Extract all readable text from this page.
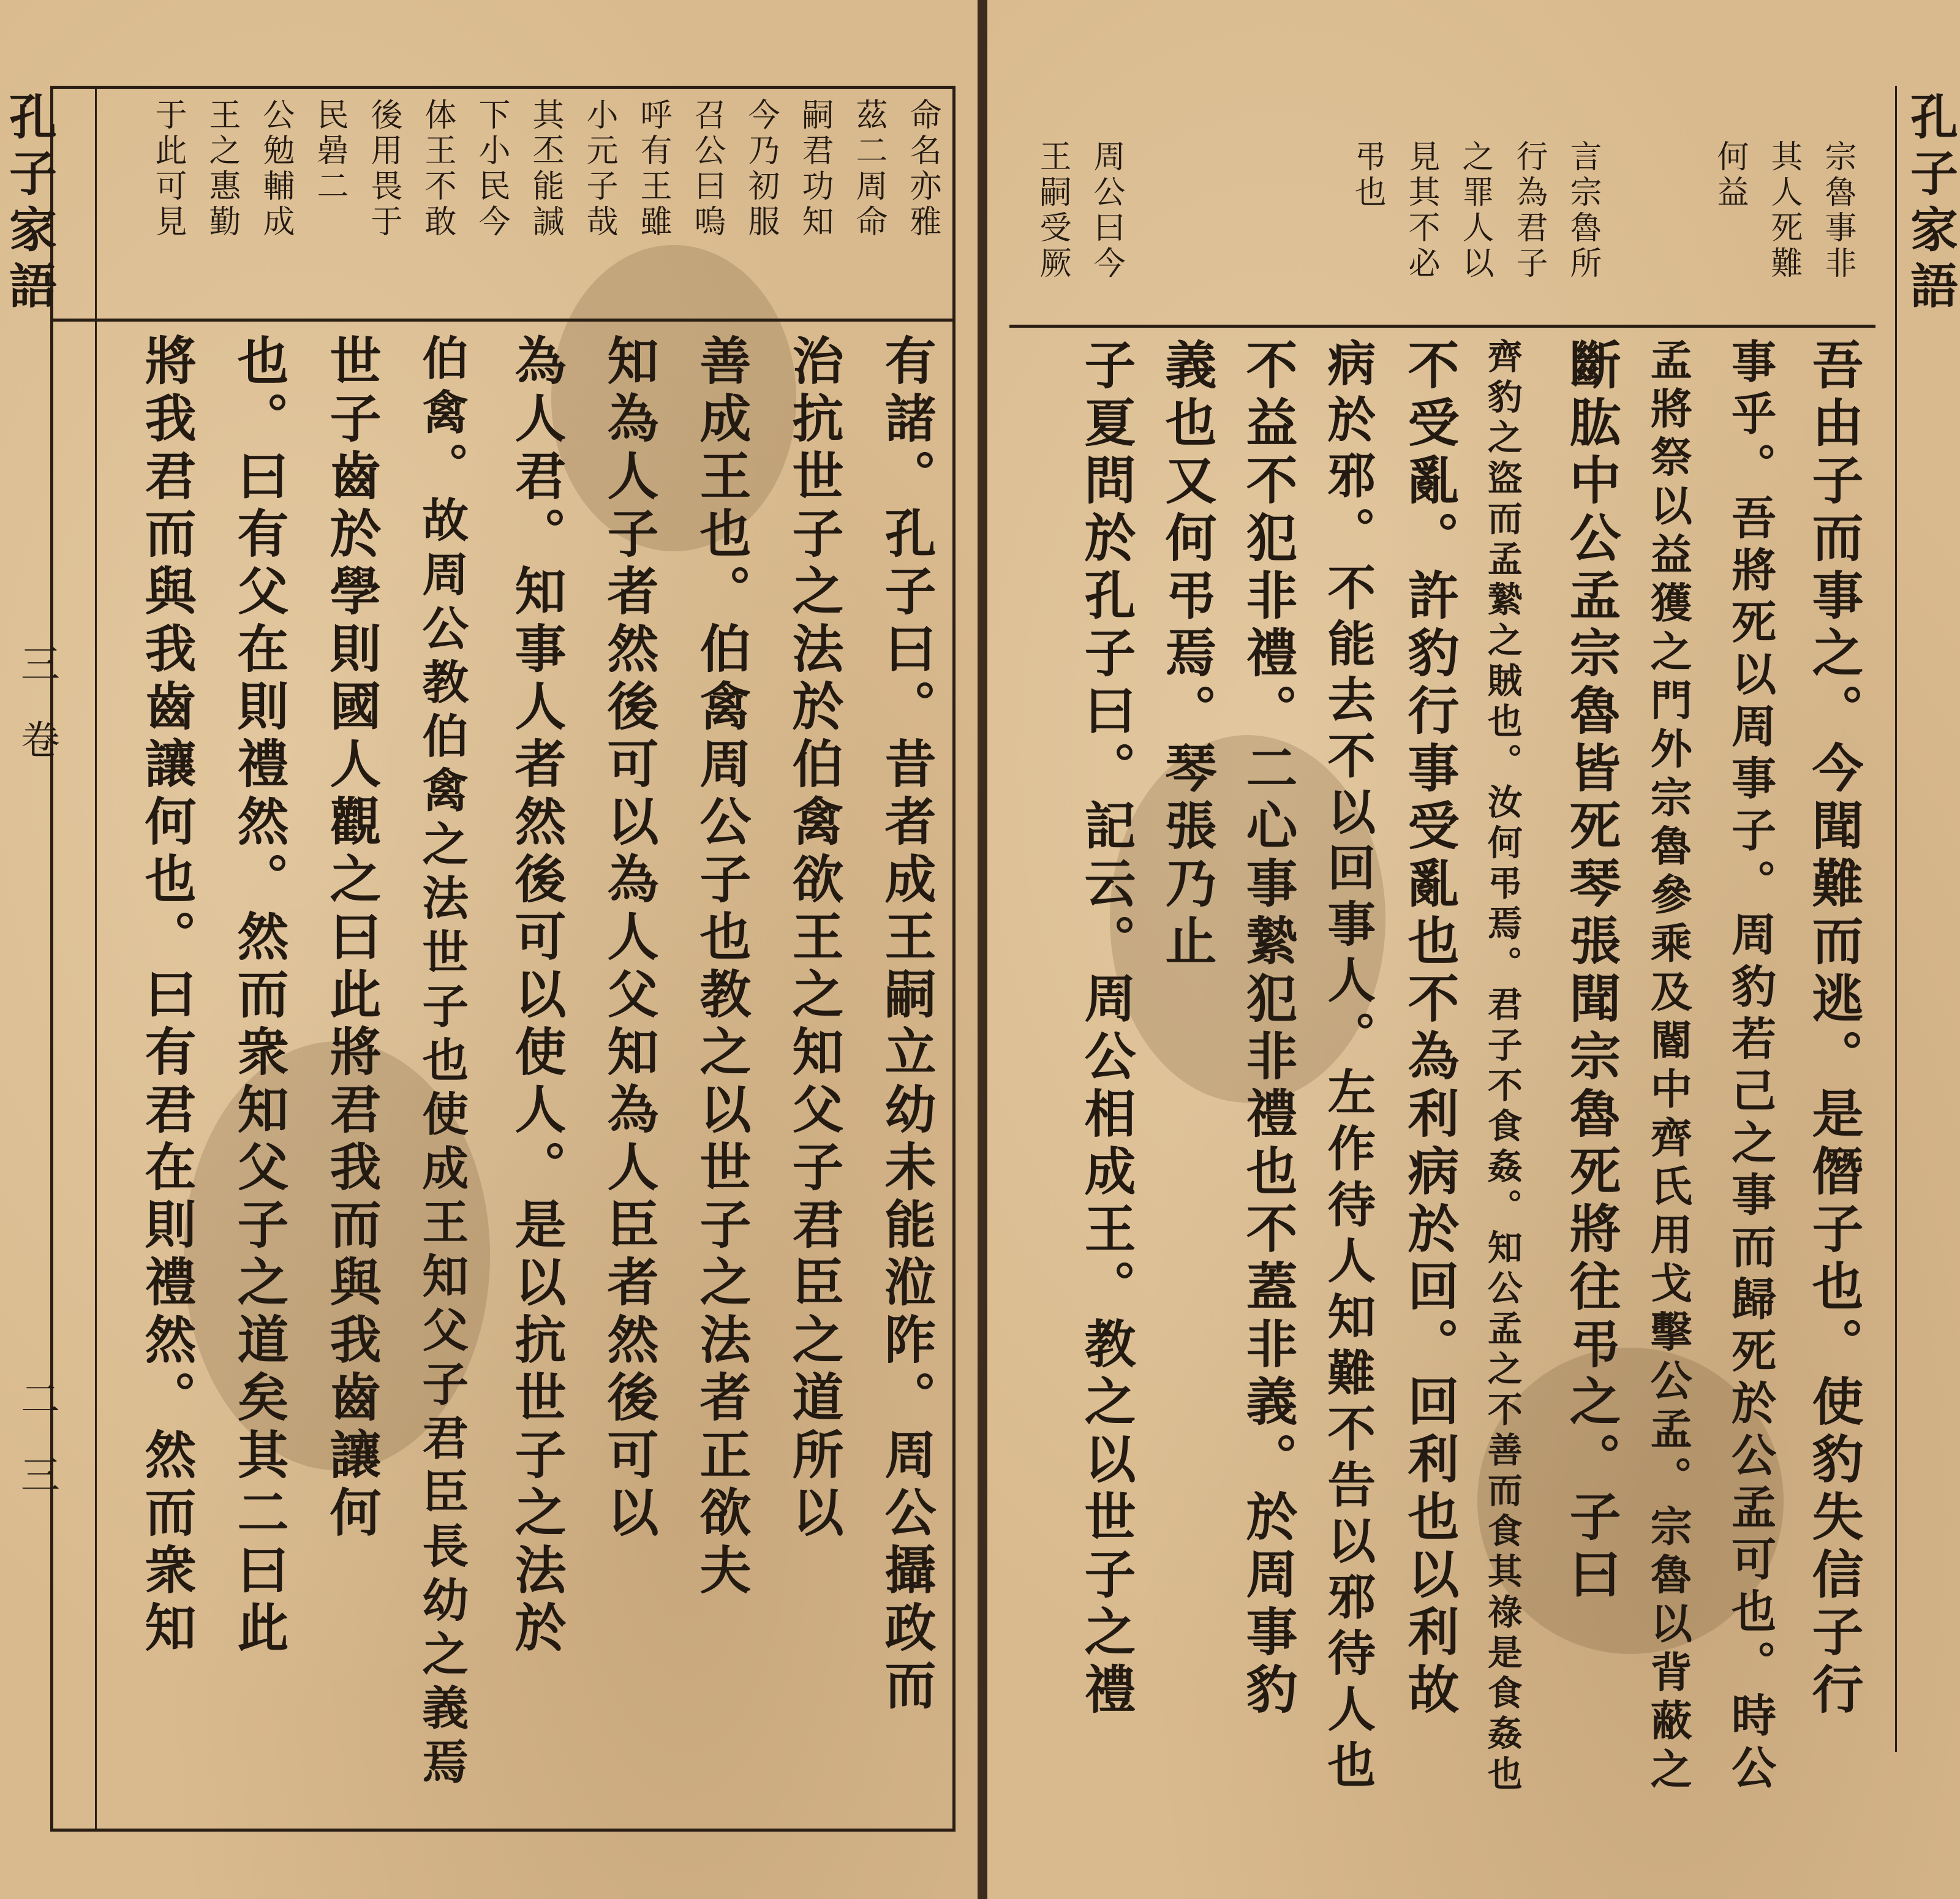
孔子家語
三卷
二三
命名亦雅
茲二周命
嗣君功知
今乃初服
召公曰嗚
呼有王雖
小元子哉
其丕能諴
下小民今
体王不敢
後用畏于
民碞二
公勉輔成
王之惠勤
于此可見
有諸。孔子曰。昔者成王嗣立幼未能涖阼。周公攝政而
治抗世子之法於伯禽欲王之知父子君臣之道所以
善成王也。伯禽周公子也教之以世子之法者正欲夫
知為人子者然後可以為人父知為人臣者然後可以
為人君。知事人者然後可以使人。是以抗世子之法於
伯禽。故周公教伯禽之法世子也使成王知父子君臣長幼之義焉
世子齒於學則國人觀之曰此將君我而與我齒讓何
也。曰有父在則禮然。然而衆知父子之道矣其二曰此
將我君而與我齒讓何也。曰有君在則禮然。然而衆知
孔子家語
宗魯事非
其人死難
何益
言宗魯所
行為君子
之罪人以
見其不必
弔也
周公曰今
王嗣受厥
吾由子而事之。今聞難而逃。是僭子也。使豹失信子行
事乎。吾將死以周事子。周豹若己之事而歸死於公孟可也。時公
孟將祭以益獲之門外宗魯參乘及閽中齊氏用戈擊公孟。宗魯以背蔽之
斷肱中公孟宗魯皆死琴張聞宗魯死將往弔之。子曰
齊豹之盜而孟縶之賊也。汝何弔焉。君子不食姦。知公孟之不善而食其祿是食姦也
不受亂。許豹行事受亂也不為利病於回。回利也以利故
病於邪。不能去不以回事人。左作待人知難不告以邪待人也
不益不犯非禮。二心事縶犯非禮也不蓋非義。於周事豹
義也又何弔焉。琴張乃止
子夏問於孔子曰。記云。周公相成王。教之以世子之禮
